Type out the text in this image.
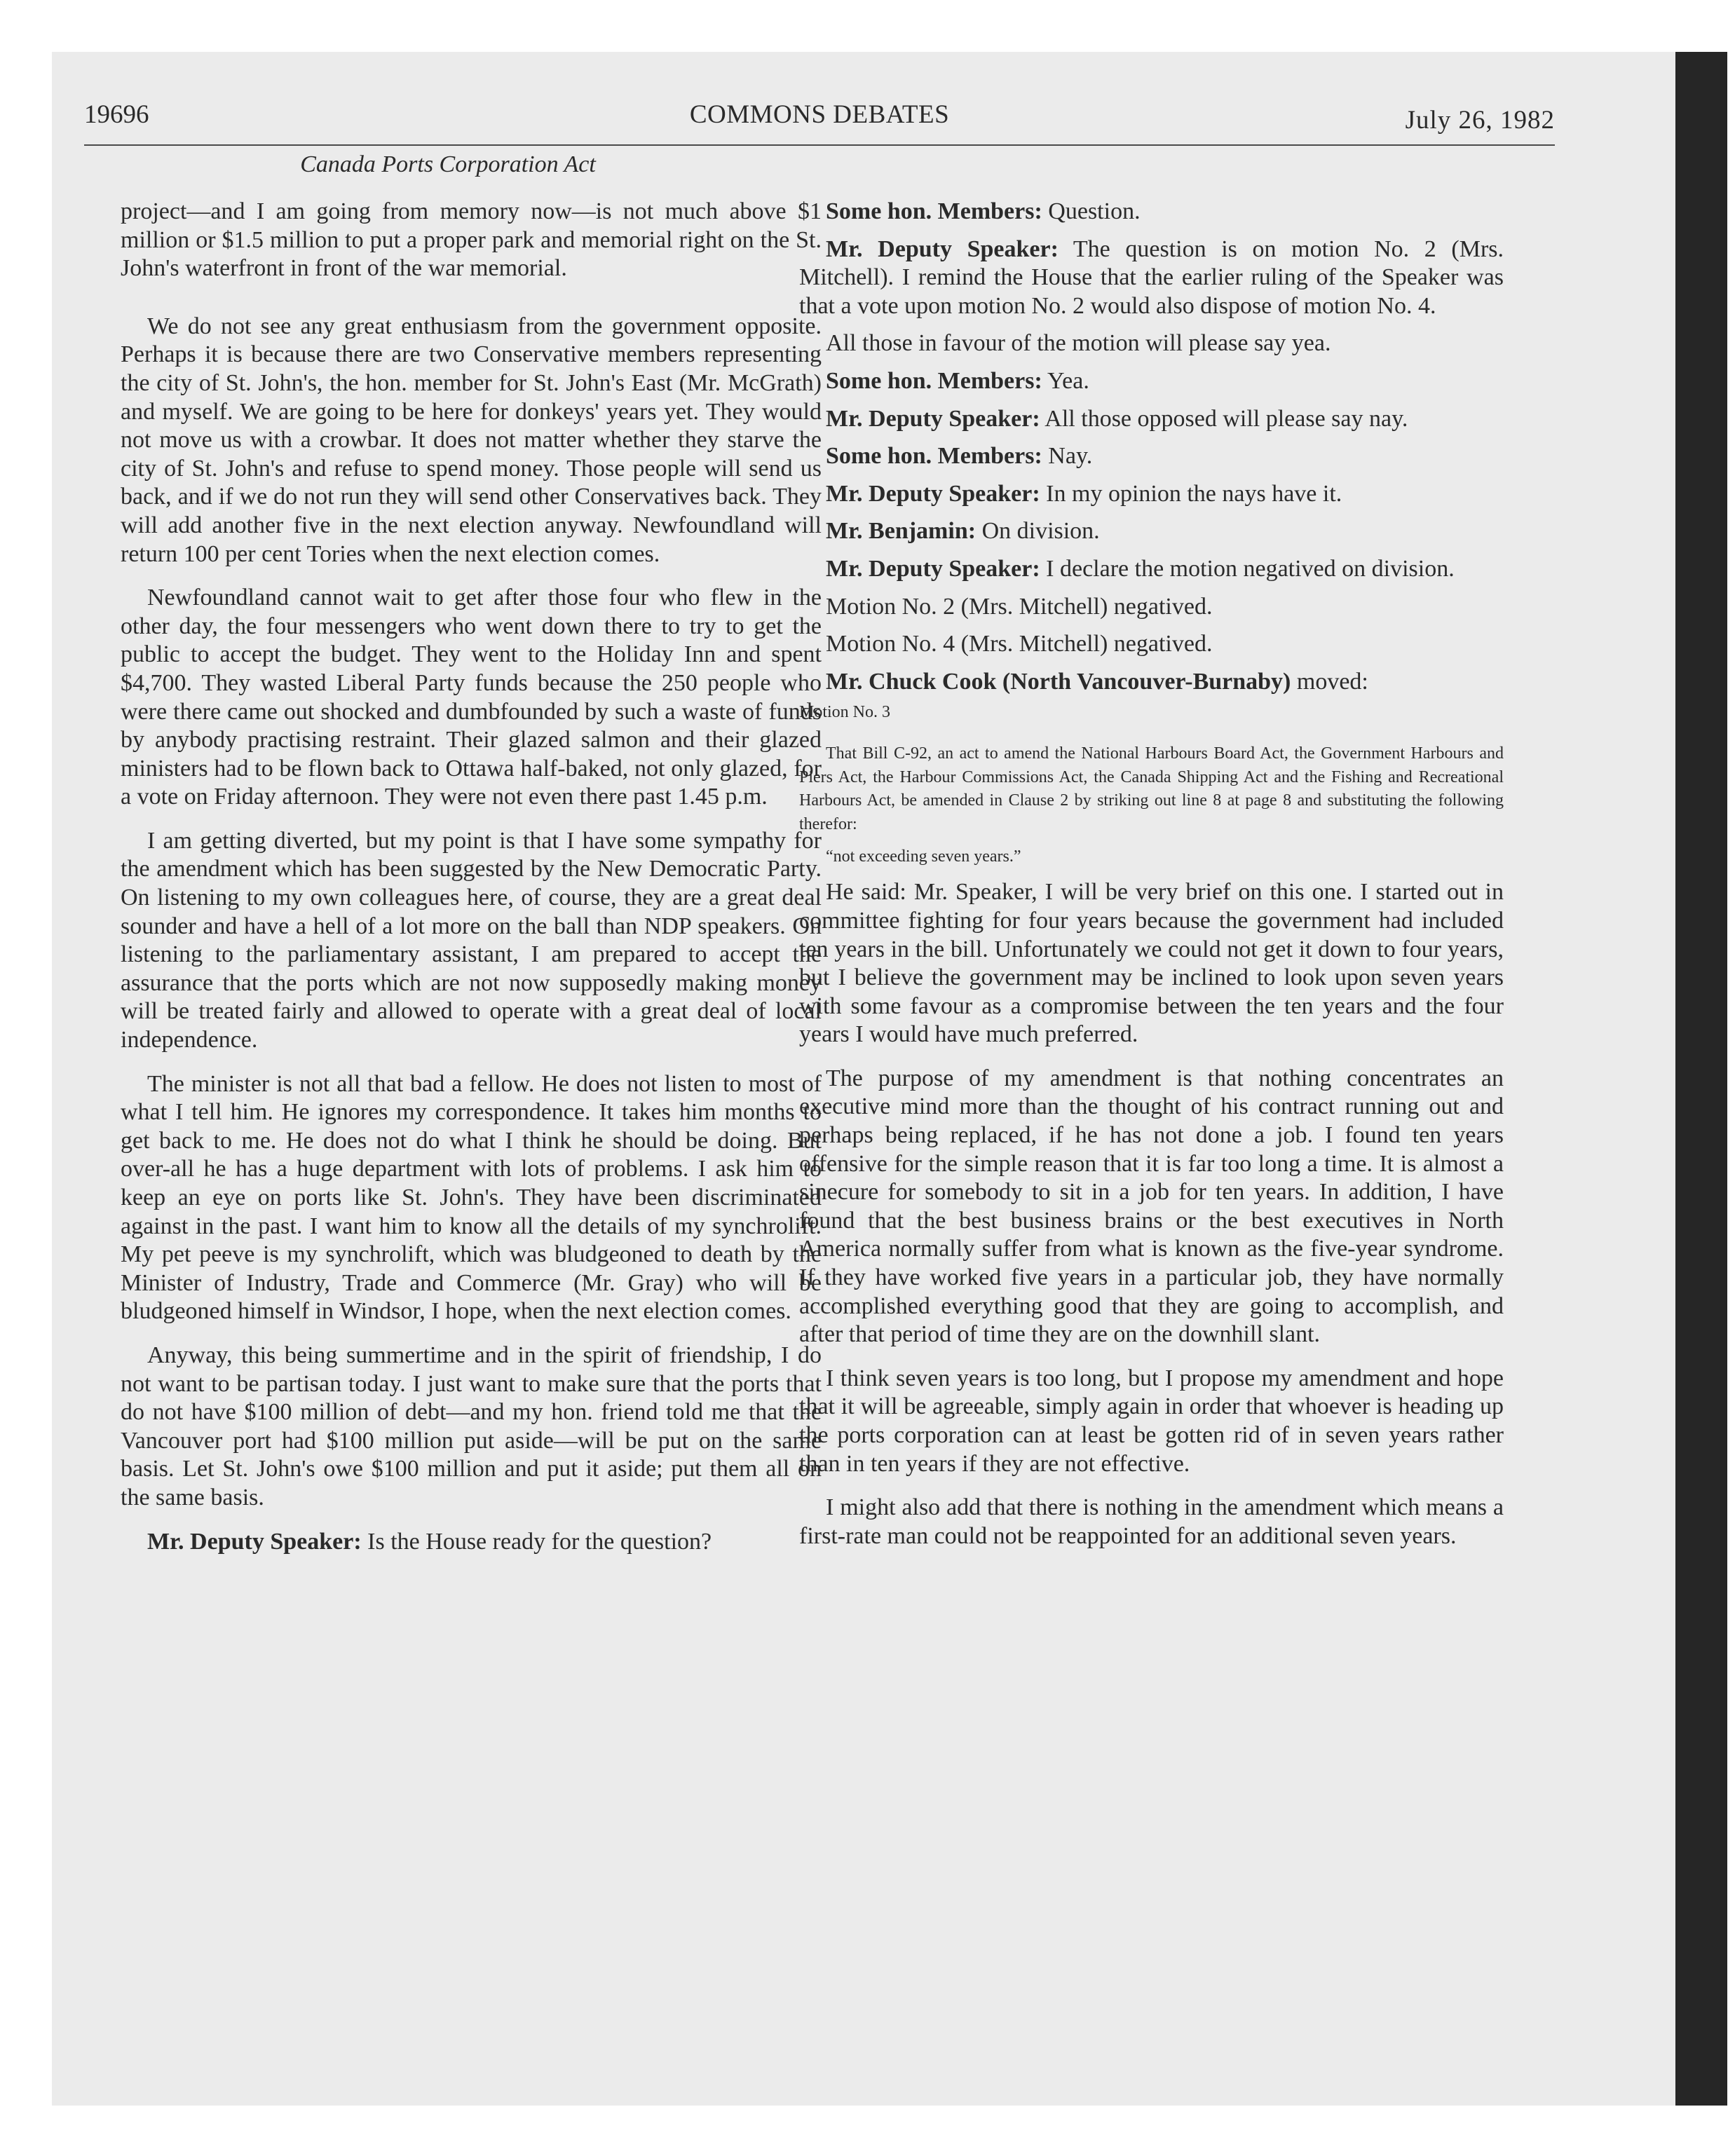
19696	COMMONS DEBATES	July 26, 1982
Canada Ports Corporation Act

project—and I am going from memory now—is not much above $1 million or $1.5 million to put a proper park and memorial right on the St. John's waterfront in front of the war memorial.

We do not see any great enthusiasm from the government opposite. Perhaps it is because there are two Conservative members representing the city of St. John's, the hon. member for St. John's East (Mr. McGrath) and myself. We are going to be here for donkeys' years yet. They would not move us with a crowbar. It does not matter whether they starve the city of St. John's and refuse to spend money. Those people will send us back, and if we do not run they will send other Conservatives back. They will add another five in the next election anyway. Newfoundland will return 100 per cent Tories when the next election comes.

Newfoundland cannot wait to get after those four who flew in the other day, the four messengers who went down there to try to get the public to accept the budget. They went to the Holiday Inn and spent $4,700. They wasted Liberal Party funds because the 250 people who were there came out shocked and dumbfounded by such a waste of funds by anybody practising restraint. Their glazed salmon and their glazed ministers had to be flown back to Ottawa half-baked, not only glazed, for a vote on Friday afternoon. They were not even there past 1.45 p.m.

I am getting diverted, but my point is that I have some sympathy for the amendment which has been suggested by the New Democratic Party. On listening to my own colleagues here, of course, they are a great deal sounder and have a hell of a lot more on the ball than NDP speakers. On listening to the parliamentary assistant, I am prepared to accept the assurance that the ports which are not now supposedly making money will be treated fairly and allowed to operate with a great deal of local independence.

The minister is not all that bad a fellow. He does not listen to most of what I tell him. He ignores my correspondence. It takes him months to get back to me. He does not do what I think he should be doing. But over-all he has a huge department with lots of problems. I ask him to keep an eye on ports like St. John's. They have been discriminated against in the past. I want him to know all the details of my synchrolift. My pet peeve is my synchrolift, which was bludgeoned to death by the Minister of Industry, Trade and Commerce (Mr. Gray) who will be bludgeoned himself in Windsor, I hope, when the next election comes.

Anyway, this being summertime and in the spirit of friendship, I do not want to be partisan today. I just want to make sure that the ports that do not have $100 million of debt—and my hon. friend told me that the Vancouver port had $100 million put aside—will be put on the same basis. Let St. John's owe $100 million and put it aside; put them all on the same basis.

Mr. Deputy Speaker: Is the House ready for the question?

Some hon. Members: Question.

Mr. Deputy Speaker: The question is on motion No. 2 (Mrs. Mitchell). I remind the House that the earlier ruling of the Speaker was that a vote upon motion No. 2 would also dispose of motion No. 4.

All those in favour of the motion will please say yea.

Some hon. Members: Yea.

Mr. Deputy Speaker: All those opposed will please say nay.

Some hon. Members: Nay.

Mr. Deputy Speaker: In my opinion the nays have it.

Mr. Benjamin: On division.

Mr. Deputy Speaker: I declare the motion negatived on division.

Motion No. 2 (Mrs. Mitchell) negatived.

Motion No. 4 (Mrs. Mitchell) negatived.

Mr. Chuck Cook (North Vancouver-Burnaby) moved:

Motion No. 3

That Bill C-92, an act to amend the National Harbours Board Act, the Government Harbours and Piers Act, the Harbour Commissions Act, the Canada Shipping Act and the Fishing and Recreational Harbours Act, be amended in Clause 2 by striking out line 8 at page 8 and substituting the following therefor:

“not exceeding seven years.”

He said: Mr. Speaker, I will be very brief on this one. I started out in committee fighting for four years because the government had included ten years in the bill. Unfortunately we could not get it down to four years, but I believe the government may be inclined to look upon seven years with some favour as a compromise between the ten years and the four years I would have much preferred.

The purpose of my amendment is that nothing concentrates an executive mind more than the thought of his contract running out and perhaps being replaced, if he has not done a job. I found ten years offensive for the simple reason that it is far too long a time. It is almost a sinecure for somebody to sit in a job for ten years. In addition, I have found that the best business brains or the best executives in North America normally suffer from what is known as the five-year syndrome. If they have worked five years in a particular job, they have normally accomplished everything good that they are going to accomplish, and after that period of time they are on the downhill slant.

I think seven years is too long, but I propose my amendment and hope that it will be agreeable, simply again in order that whoever is heading up the ports corporation can at least be gotten rid of in seven years rather than in ten years if they are not effective.

I might also add that there is nothing in the amendment which means a first-rate man could not be reappointed for an additional seven years.
